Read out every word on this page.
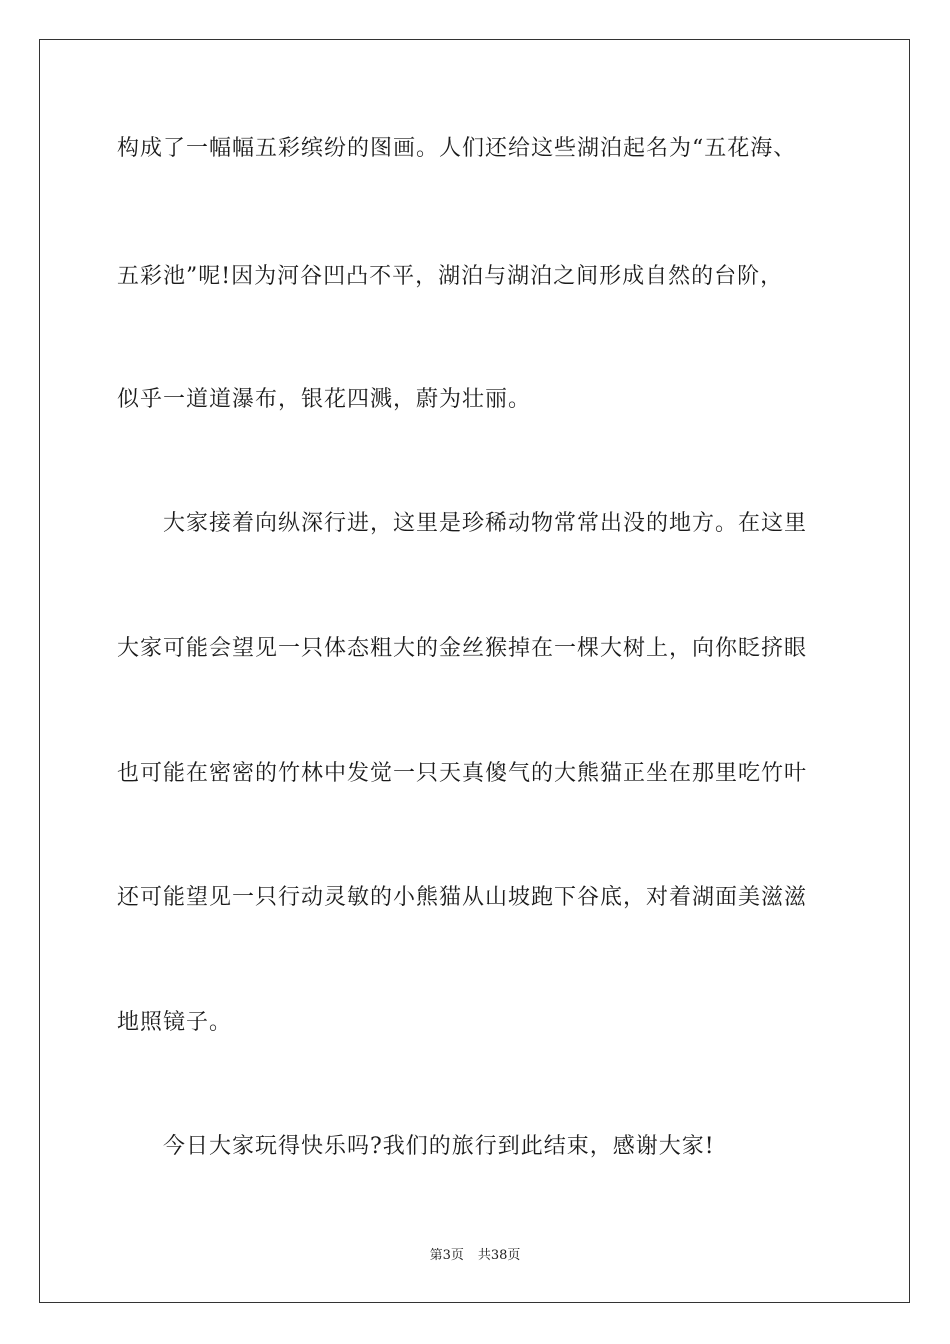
构成了一幅幅五彩缤纷的图画。人们还给这些湖泊起名为“五花海、
五彩池”呢!因为河谷凹凸不平，湖泊与湖泊之间形成自然的台阶，
似乎一道道瀑布，银花四溅，蔚为壮丽。
大家接着向纵深行进，这里是珍稀动物常常出没的地方。在这里
大家可能会望见一只体态粗大的金丝猴掉在一棵大树上，向你眨挤眼
也可能在密密的竹林中发觉一只天真傻气的大熊猫正坐在那里吃竹叶
还可能望见一只行动灵敏的小熊猫从山坡跑下谷底，对着湖面美滋滋
地照镜子。
今日大家玩得快乐吗?我们的旅行到此结束，感谢大家!
第3页 共38页
